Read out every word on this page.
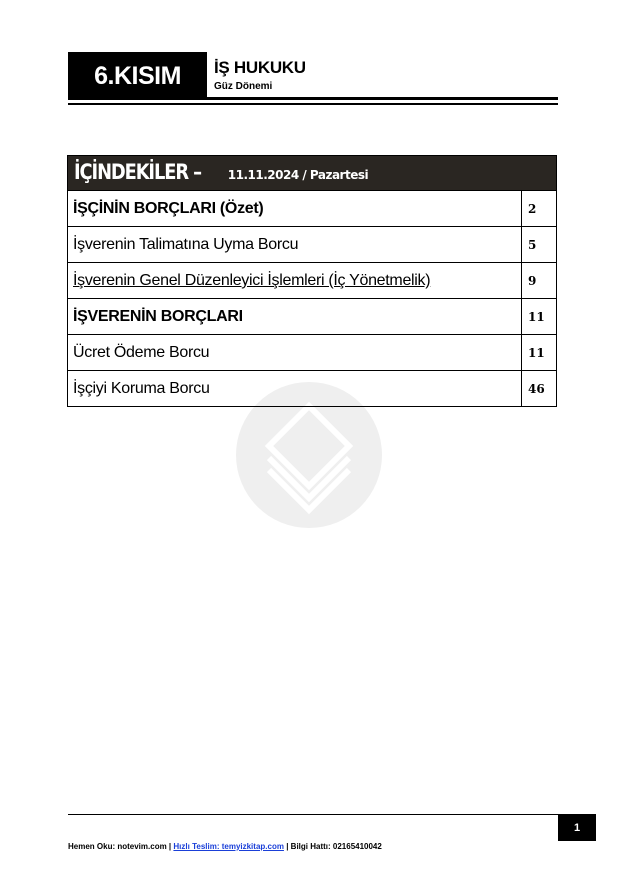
6.KISIM	İŞ HUKUKU
Güz Dönemi
İÇİNDEKİLER – 11.11.2024 / Pazartesi
İŞÇİNİN BORÇLARI (Özet)	2
İşverenin Talimatına Uyma Borcu	5
İşverenin Genel Düzenleyici İşlemleri (İç Yönetmelik)	9
İŞVERENİN BORÇLARI	11
Ücret Ödeme Borcu	11
İşçiyi Koruma Borcu	46
1
Hemen Oku: notevim.com | Hızlı Teslim: temyizkitap.com | Bilgi Hattı: 02165410042
